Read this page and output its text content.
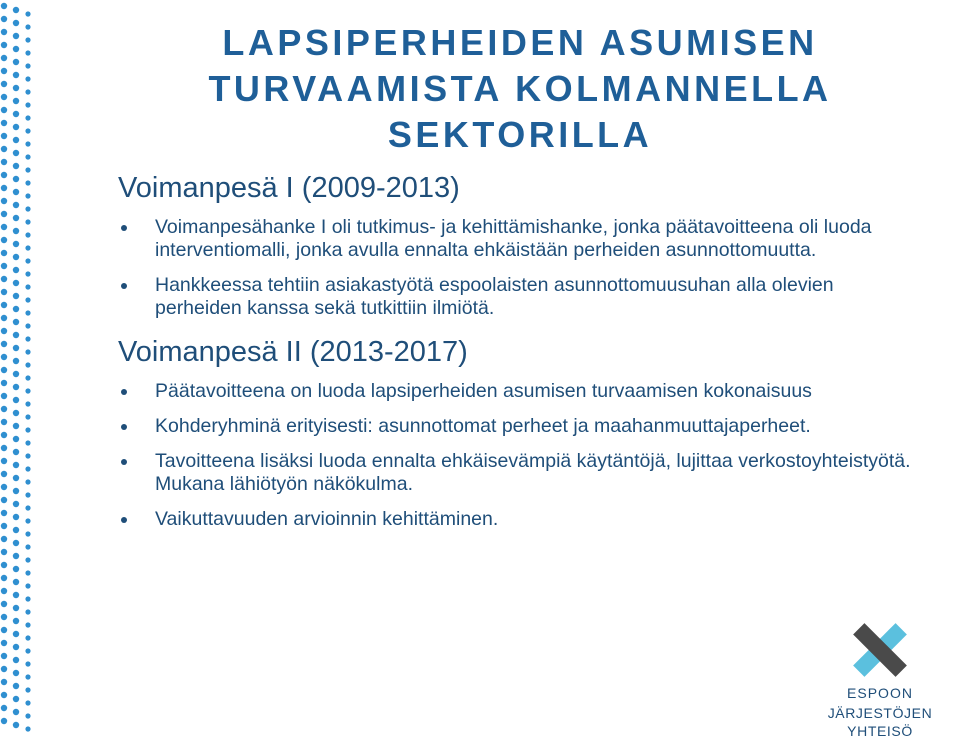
LAPSIPERHEIDEN ASUMISEN
TURVAAMISTA KOLMANNELLA
SEKTORILLA
Voimanpesä I (2009-2013)
Voimanpesähanke I oli tutkimus- ja kehittämishanke, jonka päätavoitteena oli luoda interventiomalli, jonka avulla ennalta ehkäistään perheiden asunnottomuutta.
Hankkeessa tehtiin asiakastyötä espoolaisten asunnottomuusuhan alla olevien perheiden kanssa sekä tutkittiin ilmiötä.
Voimanpesä II (2013-2017)
Päätavoitteena on luoda lapsiperheiden asumisen turvaamisen kokonaisuus
Kohderyhminä erityisesti: asunnottomat perheet ja maahanmuuttajaperheet.
Tavoitteena lisäksi luoda ennalta ehkäisevämpiä käytäntöjä, lujittaa verkostoyhteistyötä. Mukana lähiötyön näkökulma.
Vaikuttavuuden arvioinnin kehittäminen.
ESPOON
JÄRJESTÖJEN YHTEISÖ
